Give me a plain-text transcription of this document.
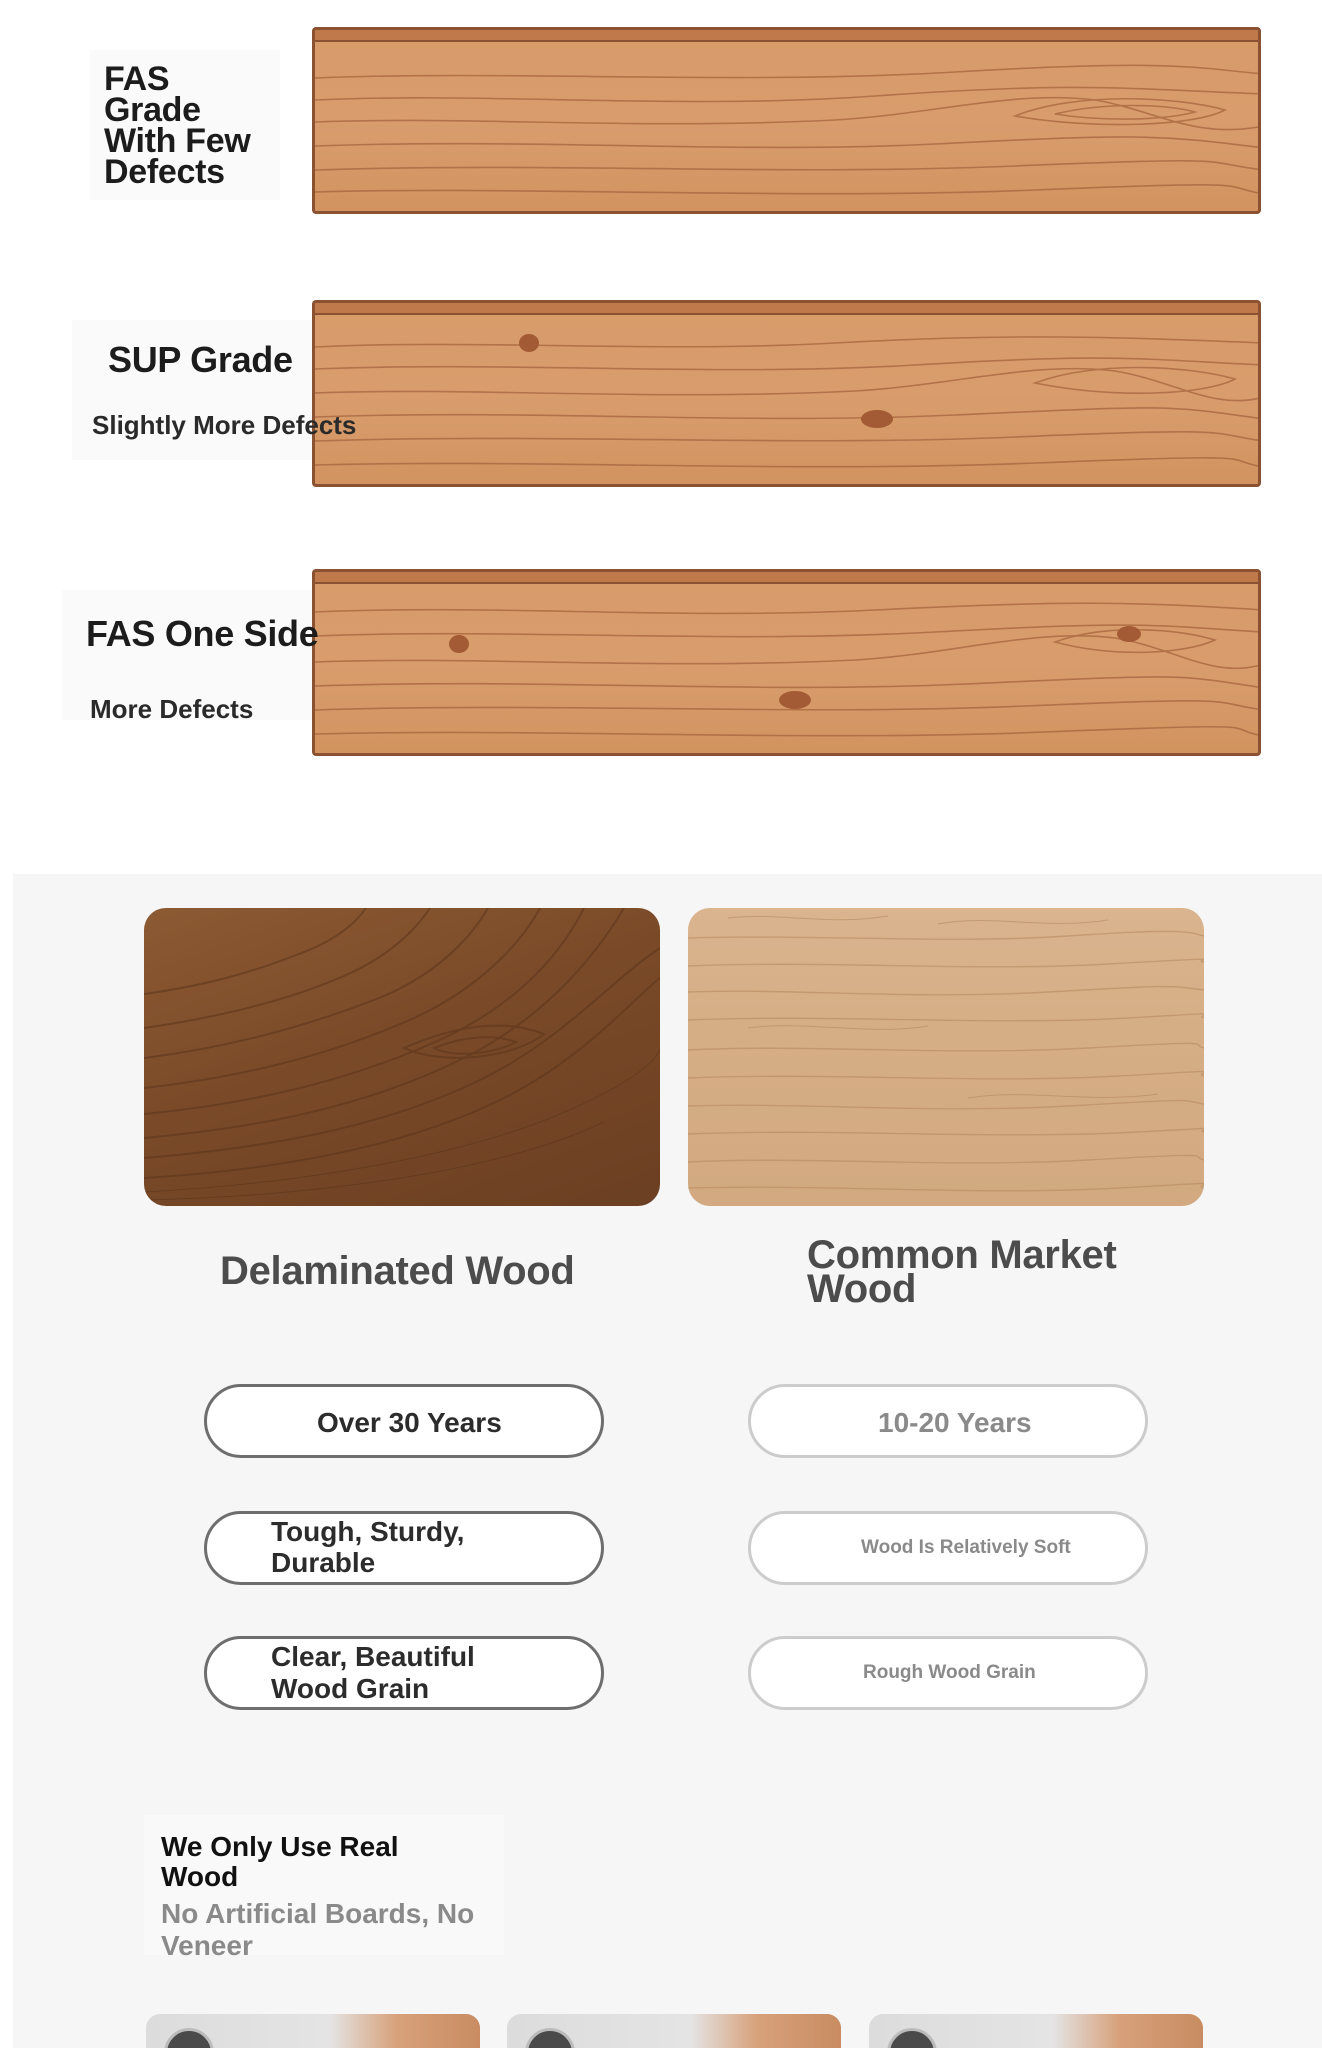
FAS Grade With Few Defects
SUP Grade
Slightly More Defects
FAS One Side
More Defects
Delaminated Wood	Common Market Wood
Over 30 Years
Tough, Sturdy, Durable
Clear, Beautiful Wood Grain
10-20 Years
Wood Is Relatively Soft
Rough Wood Grain
We Only Use Real Wood
No Artificial Boards, No Veneer
